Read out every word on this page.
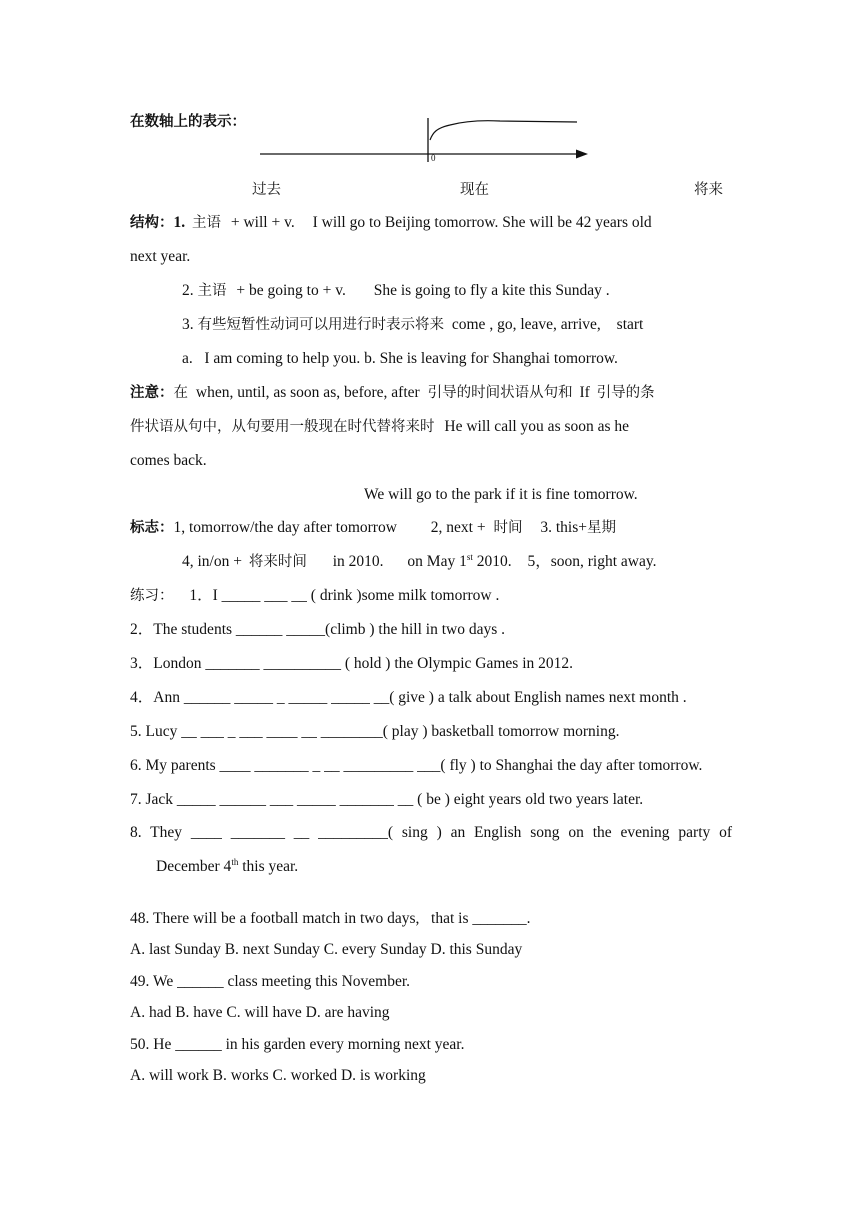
在数轴上的表示：
0
过去	现在	将来
结构：1. 主语 + will + v. I will go to Beijing tomorrow. She will be 42 years old
next year.
2. 主语 + be going to + v. She is going to fly a kite this Sunday .
3. 有些短暂性动词可以用进行时表示将来 come , go, leave, arrive, start
a.   I am coming to help you. b. She is leaving for Shanghai tomorrow.
注意：在 when, until, as soon as, before, after 引导的时间状语从句和 If 引导的条
件状语从句中，从句要用一般现在时代替将来时 He will call you as soon as he
comes back.
We will go to the park if it is fine tomorrow.
标志：1, tomorrow/the day after tomorrow 2, next + 时间 3. this+星期
4, in/on + 将来时间 in 2010. on May 1st 2010. 5，soon, right away.
练习： 1．I _____ ___ __ ( drink )some milk tomorrow .
2．The students ______ _____(climb ) the hill in two days .
3．London _______ __________ ( hold ) the Olympic Games in 2012.
4．Ann ______ _____ _ _____ _____ __( give ) a talk about English names next month .
5. Lucy __ ___ _ ___ ____ __ ________( play ) basketball tomorrow morning.
6. My parents ____ _______ _ __ _________ ___( fly ) to Shanghai the day after tomorrow.
7. Jack _____ ______ ___ _____ _______ __ ( be ) eight years old two years later.
8. They ____ _______ __ _________( sing ) an English song on the evening party of
December 4th this year.
48. There will be a football match in two days,   that is _______.
A. last Sunday B. next Sunday C. every Sunday D. this Sunday
49. We ______ class meeting this November.
A. had B. have C. will have D. are having
50. He ______ in his garden every morning next year.
A. will work B. works C. worked D. is working
